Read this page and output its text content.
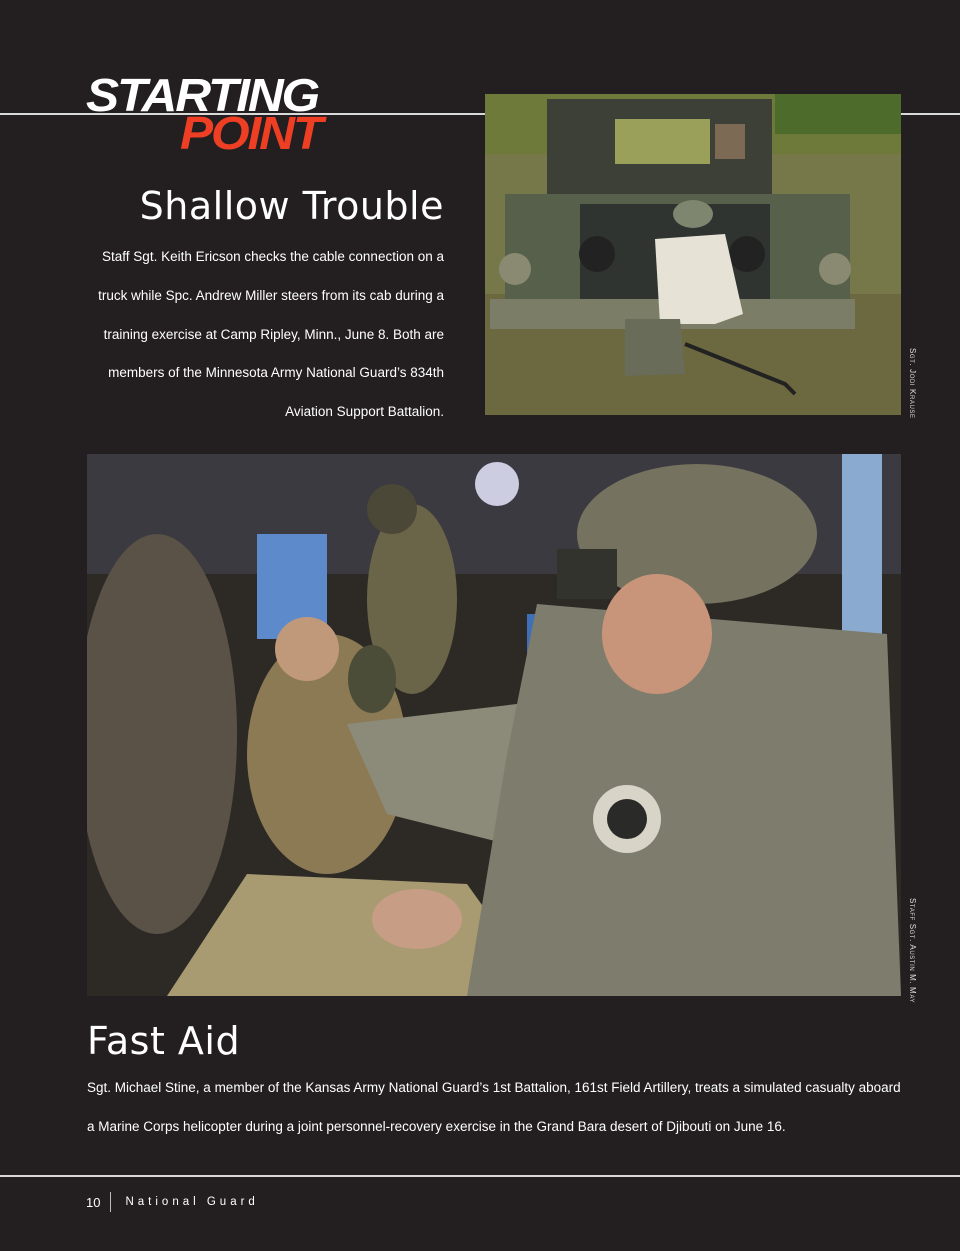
STARTING
POINT
Shallow Trouble

Staff Sgt. Keith Ericson checks the cable connection on a truck while Spc. Andrew Miller steers from its cab during a training exercise at Camp Ripley, Minn., June 8. Both are members of the Minnesota Army National Guard’s 834th Aviation Support Battalion.	Sgt. Jodi Krause
Staff Sgt. Austin M. May
Fast Aid

Sgt. Michael Stine, a member of the Kansas Army National Guard’s 1st Battalion, 161st Field Artillery, treats a simulated casualty aboard a Marine Corps helicopter during a joint personnel-recovery exercise in the Grand Bara desert of Djibouti on June 16.

10 National Guard
